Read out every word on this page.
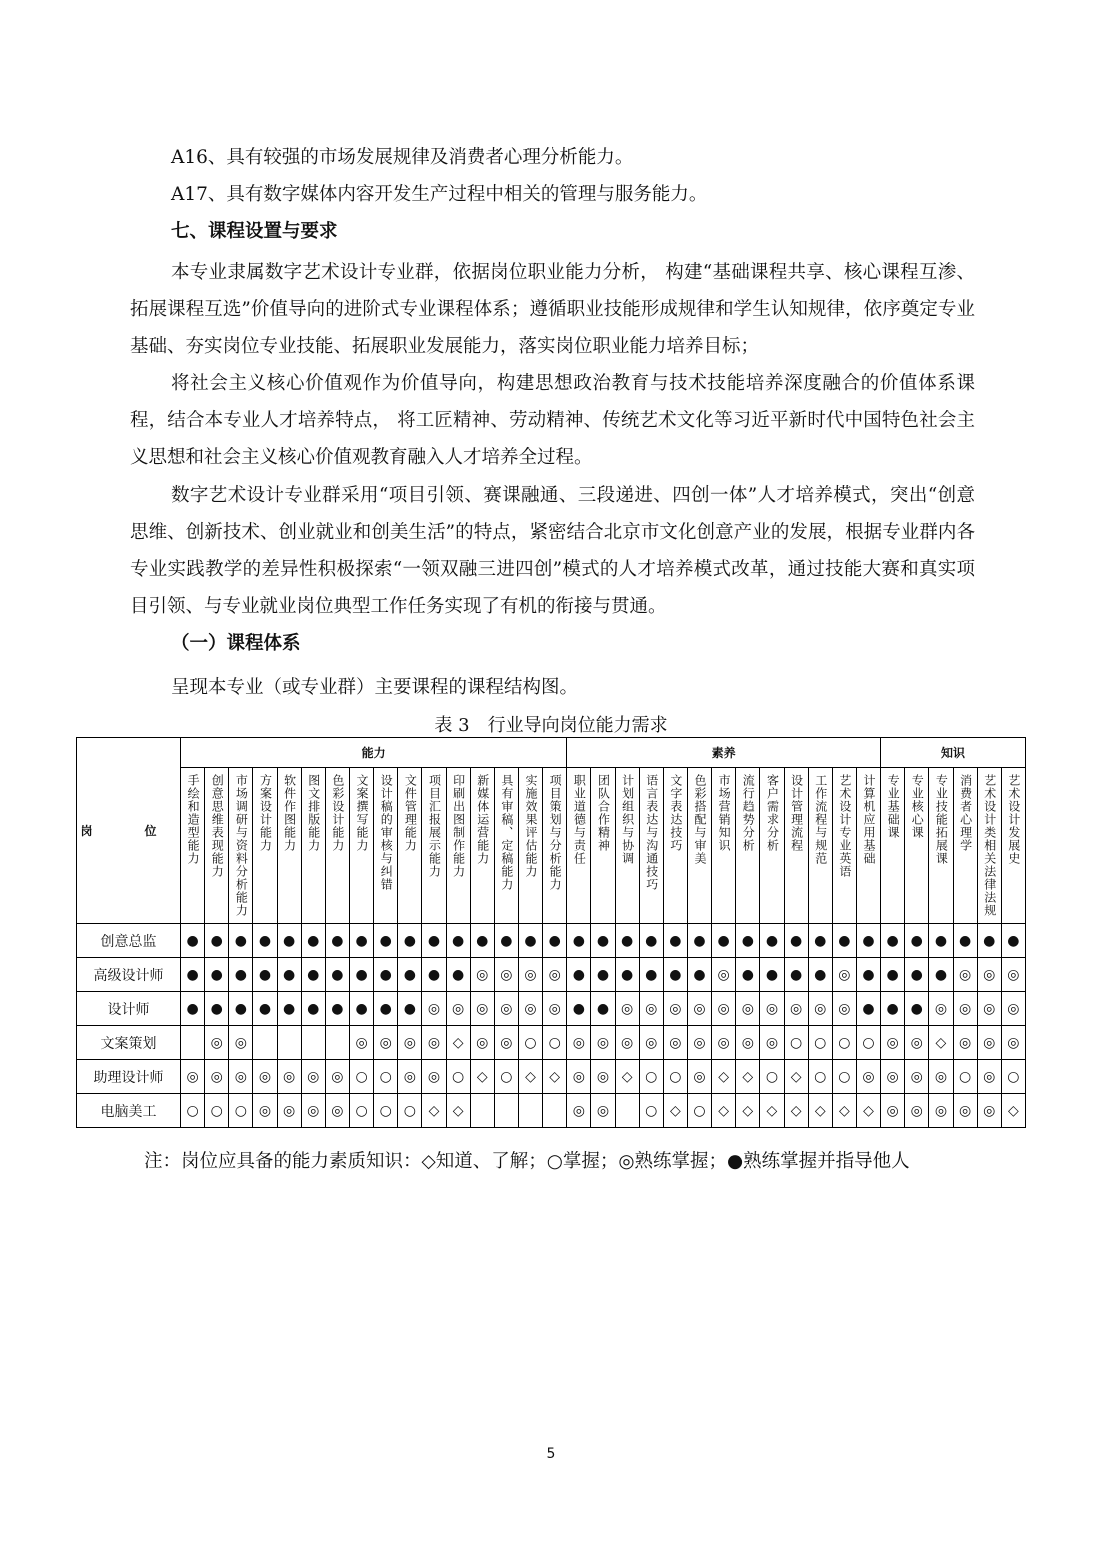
A16、具有较强的市场发展规律及消费者心理分析能力。

A17、具有数字媒体内容开发生产过程中相关的管理与服务能力。

七、课程设置与要求

本专业隶属数字艺术设计专业群，依据岗位职业能力分析， 构建“基础课程共享、核心课程互渗、拓展课程互选”价值导向的进阶式专业课程体系；遵循职业技能形成规律和学生认知规律，依序奠定专业基础、夯实岗位专业技能、拓展职业发展能力，落实岗位职业能力培养目标；

将社会主义核心价值观作为价值导向，构建思想政治教育与技术技能培养深度融合的价值体系课程，结合本专业人才培养特点， 将工匠精神、劳动精神、传统艺术文化等习近平新时代中国特色社会主义思想和社会主义核心价值观教育融入人才培养全过程。

数字艺术设计专业群采用“项目引领、赛课融通、三段递进、四创一体”人才培养模式，突出“创意思维、创新技术、创业就业和创美生活”的特点，紧密结合北京市文化创意产业的发展，根据专业群内各专业实践教学的差异性积极探索“一领双融三进四创”模式的人才培养模式改革，通过技能大赛和真实项目引领、与专业就业岗位典型工作任务实现了有机的衔接与贯通。

（一）课程体系

呈现本专业（或专业群）主要课程的课程结构图。

表 3　行业导向岗位能力需求
岗　位	能力																素养													知识					

	手绘和造型能力	创意思维表现能力	市场调研与资料分析能力	方案设计能力	软件作图能力	图文排版能力	色彩设计能力	文案撰写能力	设计稿的审核与纠错	文件管理能力	项目汇报展示能力	印刷出图制作能力	新媒体运营能力	具有审稿、定稿能力	实施效果评估能力	项目策划与分析能力	职业道德与责任	团队合作精神	计划组织与协调	语言表达与沟通技巧	文字表达技巧	色彩搭配与审美	市场营销知识	流行趋势分析	客户需求分析	设计管理流程	工作流程与规范	艺术设计专业英语	计算机应用基础	专业基础课	专业核心课	专业技能拓展课	消费者心理学	艺术设计类相关法律法规	艺术设计发展史

创意总监	●	●	●	●	●	●	●	●	●	●	●	●	●	●	●	●	●	●	●	●	●	●	●	●	●	●	●	●	●	●	●	●	●	●	●
高级设计师	●	●	●	●	●	●	●	●	●	●	●	●	◎	◎	◎	◎	●	●	●	●	●	●	◎	●	●	●	●	◎	●	●	●	●	◎	◎	◎
设计师	●	●	●	●	●	●	●	●	●	●	◎	◎	◎	◎	◎	◎	●	●	◎	◎	◎	◎	◎	◎	◎	◎	◎	◎	●	●	●	◎	◎	◎	◎
文案策划		◎	◎					◎	◎	◎	◎	◇	◎	◎	○	○	◎	◎	◎	◎	◎	◎	◎	◎	◎	○	○	○	○	◎	◎	◇	◎	◎	◎
助理设计师	◎	◎	◎	◎	◎	◎	◎	○	○	◎	◎	○	◇	○	◇	◇	◎	◎	◇	○	○	◎	◇	◇	○	◇	○	○	◎	◎	◎	◎	○	◎	○
电脑美工	○	○	○	◎	◎	◎	◎	○	○	○	◇	◇					◎	◎		○	◇	○	◇	◇	◇	◇	◇	◇	◇	◎	◎	◎	◎	◎	◇
注：岗位应具备的能力素质知识：◇知道、了解；○掌握；◎熟练掌握；●熟练掌握并指导他人
5
